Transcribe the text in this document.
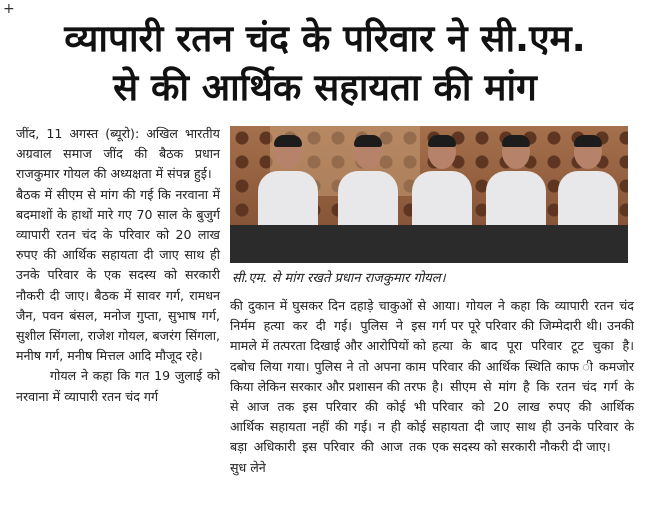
+
व्यापारी रतन चंद के परिवार ने सी.एम.
से की आर्थिक सहायता की मांग

जींद, 11 अगस्त (ब्यूरो): अखिल भारतीय अग्रवाल समाज जींद की बैठक प्रधान राजकुमार गोयल की अध्यक्षता में संपन्न हुई।

बैठक में सीएम से मांग की गई कि नरवाना में बदमाशों के हाथों मारे गए 70 साल के बुजुर्ग व्यापारी रतन चंद के परिवार को 20 लाख रुपए की आर्थिक सहायता दी जाए साथ ही उनके परिवार के एक सदस्य को सरकारी नौकरी दी जाए। बैठक में सावर गर्ग, रामधन जैन, पवन बंसल, मनोज गुप्ता, सुभाष गर्ग, सुशील सिंगला, राजेश गोयल, बजरंग सिंगला, मनीष गर्ग, मनीष मित्तल आदि मौजूद रहे।

गोयल ने कहा कि गत 19 जुलाई को नरवाना में व्यापारी रतन चंद गर्ग

सी.एम. से मांग रखते प्रधान राजकुमार गोयल।

की दुकान में घुसकर दिन दहाड़े चाकुओं से निर्मम हत्या कर दी गई। पुलिस ने इस मामले में तत्परता दिखाई और आरोपियों को दबोच लिया गया। पुलिस ने तो अपना काम किया लेकिन सरकार और प्रशासन की तरफ से आज तक इस परिवार की कोई भी आर्थिक सहायता नहीं की गई। न ही कोई बड़ा अधिकारी इस परिवार की आज तक सुध लेने

आया। गोयल ने कहा कि व्यापारी रतन चंद गर्ग पर पूरे परिवार की जिम्मेदारी थी। उनकी हत्या के बाद पूरा परिवार टूट चुका है। परिवार की आर्थिक स्थिति काफ ी कमजोर है। सीएम से मांग है कि रतन चंद गर्ग के परिवार को 20 लाख रुपए की आर्थिक सहायता दी जाए साथ ही उनके परिवार के एक सदस्य को सरकारी नौकरी दी जाए।
